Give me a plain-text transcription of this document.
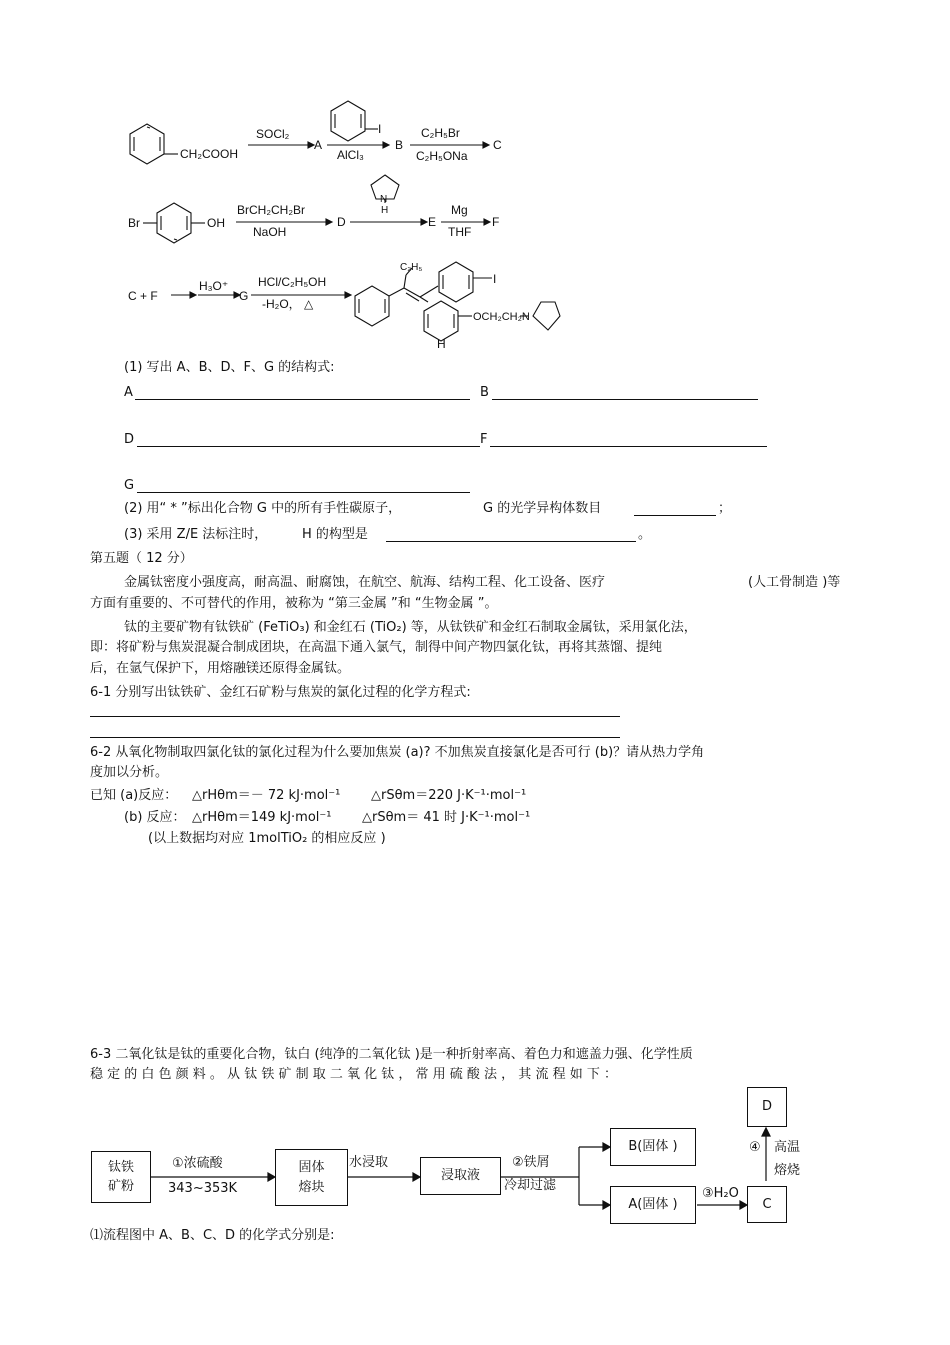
CH₂COOH
SOCl₂
A
I
AlCl₃
B
C₂H₅Br
C₂H₅ONa
C
Br	OH
BrCH₂CH₂Br
NaOH
D
N
H
E
Mg
THF
F
C + F
H₃O⁺
G
HCl/C₂H₅OH
-H₂O， △
C₂H₅
I
OCH₂CH₂N
H
(1) 写出 A、B、D、F、G 的结构式:
A	B
D	F
G
(2) 用“ * ”标出化合物 G 中的所有手性碳原子，	G 的光学异构体数目	；
(3) 采用 Z/E 法标注时，	H 的构型是	。
第五题（ 12 分）
金属钛密度小强度高，耐高温、耐腐蚀，在航空、航海、结构工程、化工设备、医疗	(人工骨制造 )等
方面有重要的、不可替代的作用，被称为 “第三金属 ”和 “生物金属 ”。
钛的主要矿物有钛铁矿 (FeTiO₃) 和金红石 (TiO₂) 等，从钛铁矿和金红石制取金属钛，采用氯化法，
即：将矿粉与焦炭混凝合制成团块，在高温下通入氯气，制得中间产物四氯化钛，再将其蒸馏、提纯
后，在氩气保护下，用熔融镁还原得金属钛。
6-1 分别写出钛铁矿、金红石矿粉与焦炭的氯化过程的化学方程式:
6-2 从氧化物制取四氯化钛的氯化过程为什么要加焦炭 (a)? 不加焦炭直接氯化是否可行 (b)？请从热力学角
度加以分析。
已知 (a)反应： △rHθm＝－ 72 kJ·mol⁻¹ △rSθm＝220 J·K⁻¹·mol⁻¹
(b) 反应： △rHθm＝149 kJ·mol⁻¹ △rSθm＝ 41 时 J·K⁻¹·mol⁻¹
(以上数据均对应 1molTiO₂ 的相应反应 )
6-3 二氧化钛是钛的重要化合物，钛白 (纯净的二氧化钛 )是一种折射率高、着色力和遮盖力强、化学性质
稳 定 的 白 色 颜 料 。 从 钛 铁 矿 制 取 二 氧 化 钛 ， 常 用 硫 酸 法 ， 其 流 程 如 下 ：
钛铁
矿粉
①浓硫酸
343~353K
固体
熔块
水浸取
浸取液
②铁屑
冷却过滤
B(固体 )
A(固体 )
③H₂O
C
D
④ 高温
熔烧
⑴流程图中 A、B、C、D 的化学式分别是:
